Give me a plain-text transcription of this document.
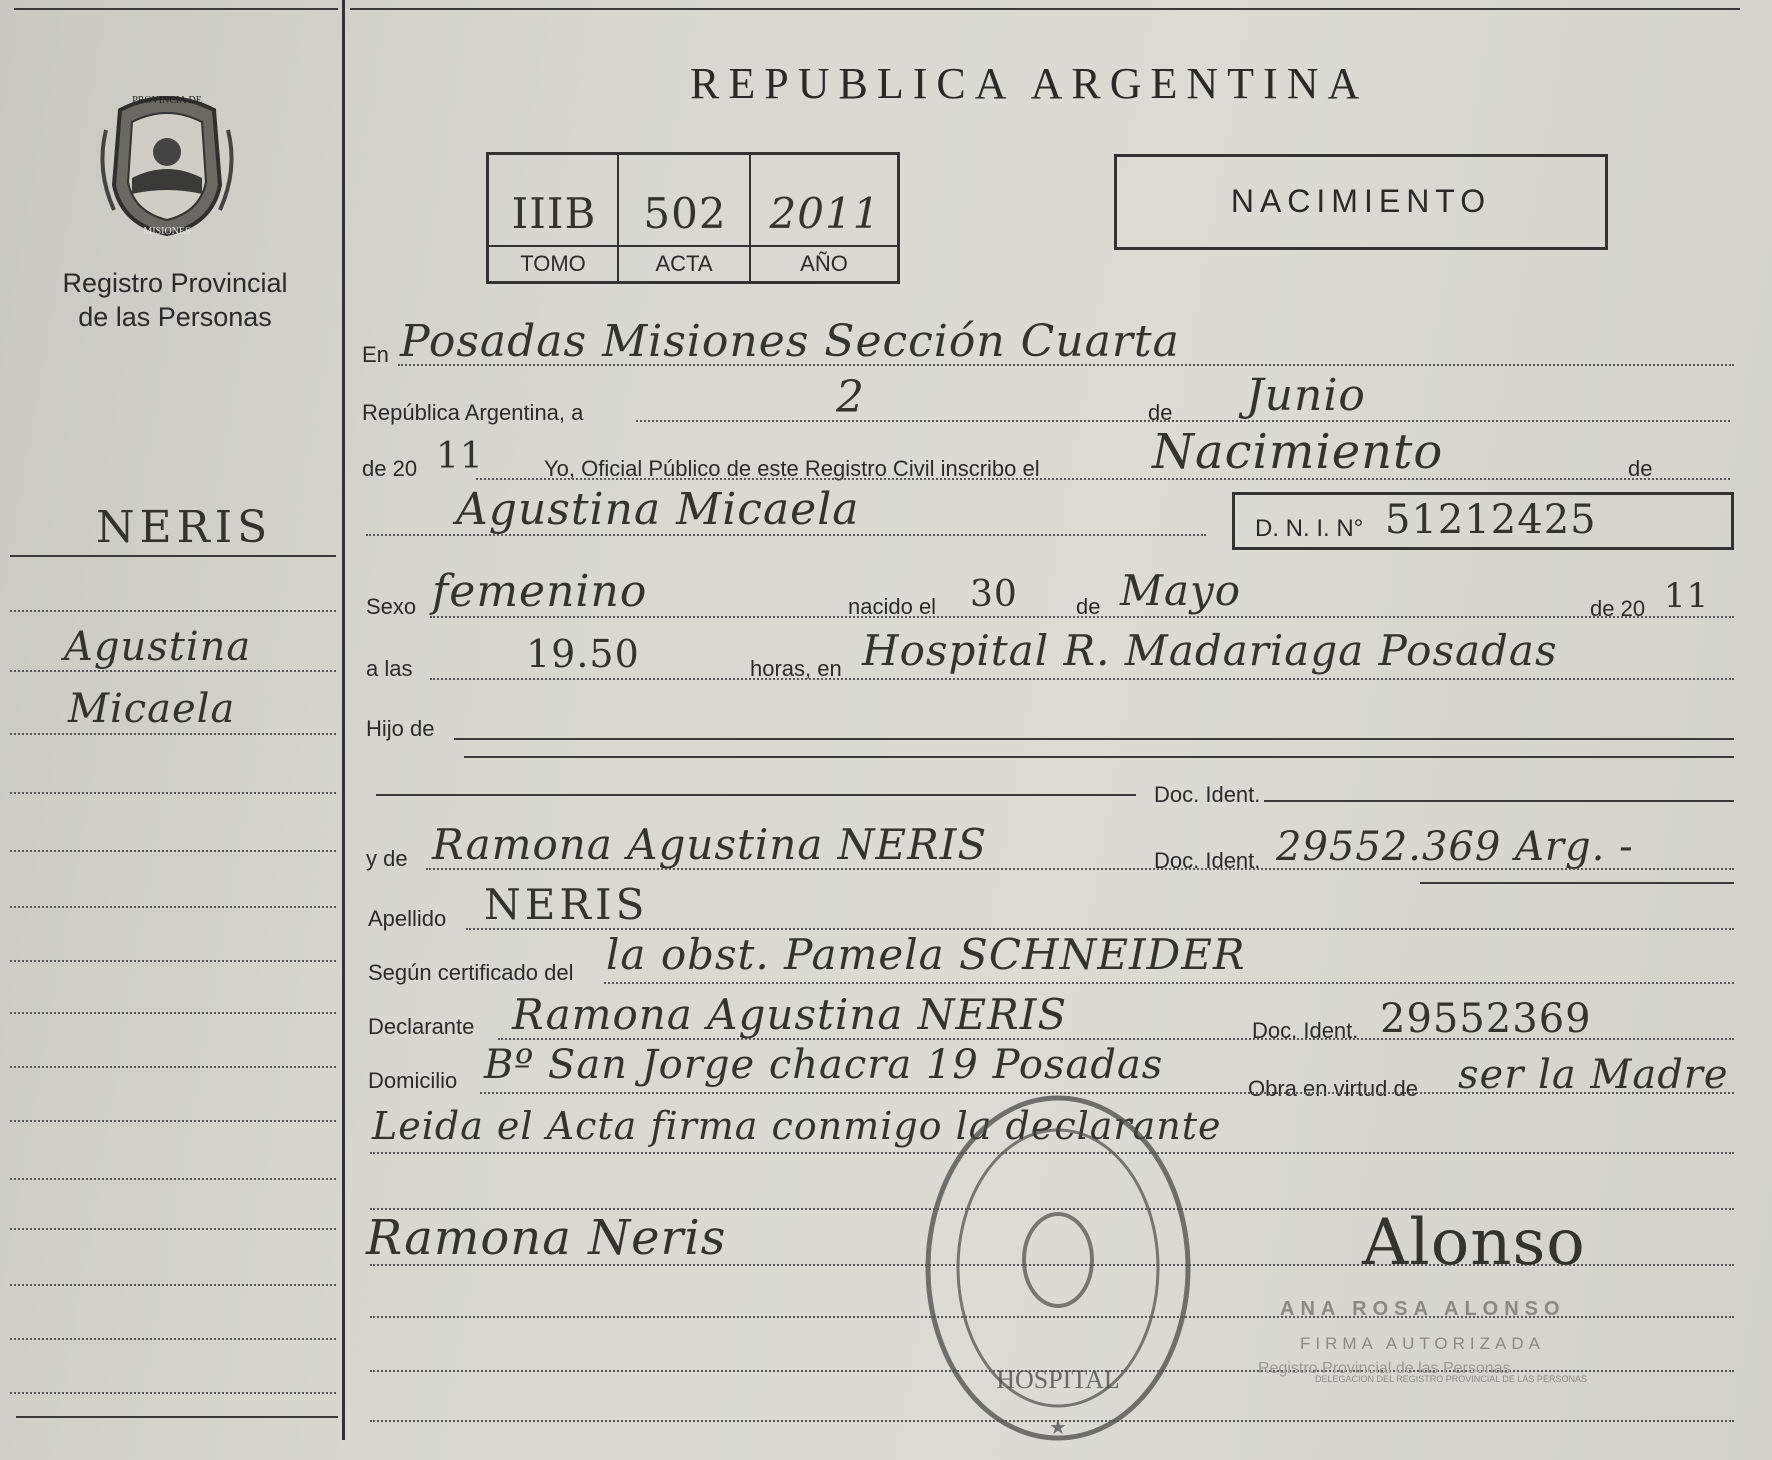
PROVINCIA DE
MISIONES
Registro Provincial
de las Personas
NERIS
Agustina
Micaela
REPUBLICA ARGENTINA
IIIB	502	2011
TOMO	ACTA	AÑO
NACIMIENTO
En Posadas Misiones Sección Cuarta
República Argentina, a	2	de Junio
de 20 11	Yo, Oficial Público de este Registro Civil inscribo el Nacimiento	de
Agustina Micaela	D. N. I. N° 51212425
Sexo femenino	nacido el 30	de Mayo	de 20 11
a las	19.50	horas, en Hospital R. Madariaga Posadas
Hijo de
Doc. Ident.
y de Ramona Agustina NERIS	Doc. Ident. 29552.369 Arg. -
Apellido NERIS
Según certificado del la obst. Pamela SCHNEIDER
Declarante Ramona Agustina NERIS	Doc. Ident. 29552369
Domicilio Bº San Jorge chacra 19 Posadas
Obra en virtud de ser la Madre
Leida el Acta firma conmigo la declarante
Ramona Neris
HOSPITAL
★
DELEGACION DEL REGISTRO PROVINCIAL DE LAS PERSONAS
Alonso
ANA ROSA ALONSO
FIRMA AUTORIZADA
Registro Provincial de las Personas
